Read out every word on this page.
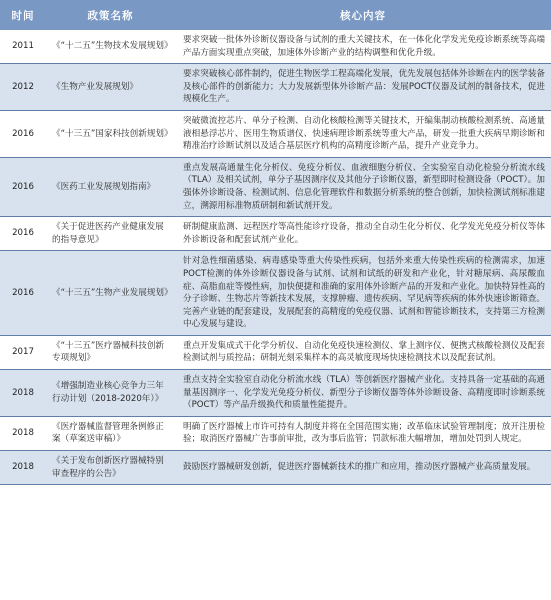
时间	政策名称	核心内容
2011	《“十二五”生物技术发展规划》	要求突破一批体外诊断仪器设备与试剂的重大关键技术，在一体化化学发光免疫诊断系统等高端产品方面实现重点突破，加速体外诊断产业的结构调整和优化升级。
2012	《生物产业发展规划》	要求突破核心部件制约，促进生物医学工程高端化发展，优先发展包括体外诊断在内的医学装备及核心部件的创新能力；大力发展新型体外诊断产品：发展POCT仪器及试剂的制备技术，促进规模化生产。
2016	《“十三五”国家科技创新规划》	突破微流控芯片、单分子检测、自动化核酸检测等关键技术，开编集制动核酸检测系统、高通量液相悬浮芯片、医用生物质谱仪、快速病理诊断系统等重大产品，研发一批重大疾病早期诊断和精准治疗诊断试剂以及适合基层医疗机构的高精度诊断产品，提升产业竞争力。
2016	《医药工业发展规划指南》	重点发展高通量生化分析仪、免疫分析仪、血液细胞分析仪、全实验室自动化检验分析流水线（TLA）及相关试剂，单分子基因测序仪及其他分子诊断仪器，新型即时检测设备（POCT）。加强体外诊断设备、检测试剂、信息化管理软件和数据分析系统的整合创新，加快检测试剂标准建立，溯源用标准物质研制和新试剂开发。
2016	《关于促进医药产业健康发展的指导意见》	研制健康监测、远程医疗等高性能诊疗设备，推动全自动生化分析仪、化学发光免疫分析仪等体外诊断设备和配套试剂产业化。
2016	《“十三五”生物产业发展规划》	针对急性细菌感染、病毒感染等重大传染性疾病，包括外来重大传染性疾病的检测需求，加速POCT检测的体外诊断仪器设备与试剂、试剂和试纸的研发和产业化，针对糖尿病、高尿酸血症、高脂血症等慢性病，加快便捷和准确的家用体外诊断产品的开发和产业化。加快特异性高的分子诊断、生物芯片等新技术发展，支撑肿瘤、遗传疾病、罕见病等疾病的体外快速诊断筛查。完善产业链的配套建设，发展配套的高精度的免疫仪器、试剂和智能诊断技术，支持第三方检测中心发展与建设。
2017	《“十三五”医疗器械科技创新专项规划》	重点开发集成式干化学分析仪、自动化免疫快速检测仪、掌上测序仪、便携式核酸检测仪及配套检测试剂与质控品；研制光刻采集样本的高灵敏度现场快速检测技术以及配套试剂。
2018	《增强制造业核心竞争力三年行动计划（2018-2020年）》	重点支持全实验室自动化分析流水线（TLA）等创新医疗器械产业化。支持具备一定基础的高通量基因测序一、化学发光免疫分析仪、新型分子诊断仪器等体外诊断设备、高精度即时诊断系统（POCT）等产品升级换代和质量性能提升。
2018	《医疗器械监督管理条例修正案（草案送审稿）》	明确了医疗器械上市许可持有人制度并将在全国范围实施；改革临床试验管理制度；放开注册检验；取消医疗器械广告事前审批，改为事后监管；罚款标准大幅增加，增加处罚到人规定。
2018	《关于发布创新医疗器械特别审查程序的公告》	鼓励医疗器械研发创新，促进医疗器械新技术的推广和应用，推动医疗器械产业高质量发展。
